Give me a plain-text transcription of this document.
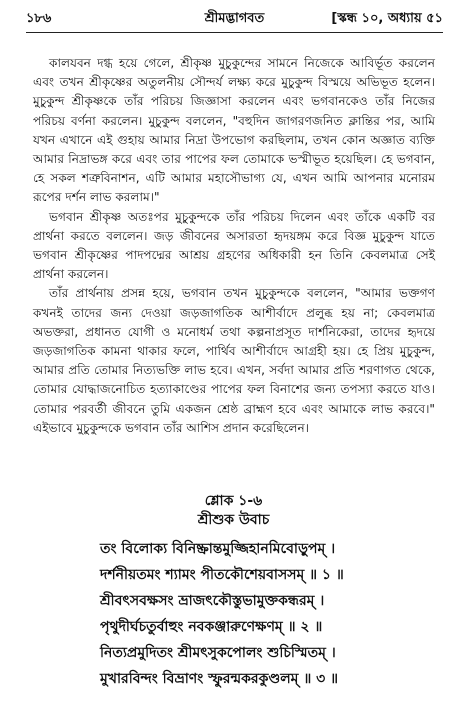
১৮৬	শ্রীমদ্ভাগবত	[স্কন্ধ ১০, অধ্যায় ৫১

কালযবন দগ্ধ হয়ে গেলে, শ্রীকৃষ্ণ মুচুকুন্দের সামনে নিজেকে আবির্ভূত করলেন এবং তখন শ্রীকৃষ্ণের অতুলনীয় সৌন্দর্য লক্ষ্য করে মুচুকুন্দ বিস্ময়ে অভিভূত হলেন। মুচুকুন্দ শ্রীকৃষ্ণকে তাঁর পরিচয় জিজ্ঞাসা করলেন এবং ভগবানকেও তাঁর নিজের পরিচয় বর্ণনা করলেন। মুচুকুন্দ বললেন, "বহুদিন জাগরণজনিত ক্লান্তির পর, আমি যখন এখানে এই গুহায় আমার নিদ্রা উপভোগ করছিলাম, তখন কোন অজ্ঞাত ব্যক্তি আমার নিদ্রাভঙ্গ করে এবং তার পাপের ফল তোমাকে ভস্মীভূত হয়েছিল। হে ভগবান, হে সকল শত্রুবিনাশন, এটি আমার মহাসৌভাগ্য যে, এখন আমি আপনার মনোরম রূপের দর্শন লাভ করলাম।"

ভগবান শ্রীকৃষ্ণ অতঃপর মুচুকুন্দকে তাঁর পরিচয় দিলেন এবং তাঁকে একটি বর প্রার্থনা করতে বললেন। জড় জীবনের অসারতা হৃদয়ঙ্গম করে বিজ্ঞ মুচুকুন্দ যাতে ভগবান শ্রীকৃষ্ণের পাদপদ্মের আশ্রয় গ্রহণের অধিকারী হন তিনি কেবলমাত্র সেই প্রার্থনা করলেন।

তাঁর প্রার্থনায় প্রসন্ন হয়ে, ভগবান তখন মুচুকুন্দকে বললেন, "আমার ভক্তগণ কখনই তাদের জন্য দেওয়া জড়জাগতিক আশীর্বাদে প্রলুব্ধ হয় না; কেবলমাত্র অভক্তরা, প্রধানত যোগী ও মনোধর্ম তথা কল্পনাপ্রসূত দার্শনিকেরা, তাদের হৃদয়ে জড়জাগতিক কামনা থাকার ফলে, পার্থিব আশীর্বাদে আগ্রহী হয়। হে প্রিয় মুচুকুন্দ, আমার প্রতি তোমার নিত্যভক্তি লাভ হবে। এখন, সর্বদা আমার প্রতি শরণাগত থেকে, তোমার যোদ্ধাজনোচিত হত্যাকাণ্ডের পাপের ফল বিনাশের জন্য তপস্যা করতে যাও। তোমার পরবর্তী জীবনে তুমি একজন শ্রেষ্ঠ ব্রাহ্মণ হবে এবং আমাকে লাভ করবে।" এইভাবে মুচুকুন্দকে ভগবান তাঁর আশিস প্রদান করেছিলেন।

শ্লোক ১-৬
শ্রীশুক উবাচ
তং বিলোক্য বিনিষ্ক্রান্তমুজ্জিহানমিবোড়ুপম্ ।
দর্শনীয়তমং শ্যামং পীতকৌশেয়বাসসম্ ॥ ১ ॥
শ্রীবৎসবক্ষসং ভ্রাজৎকৌস্তুভামুক্তকন্ধরম্ ।
পৃথুদীর্ঘচতুর্বাহুং নবকঞ্জারুণেক্ষণম্ ॥ ২ ॥
নিত্যপ্রমুদিতং শ্রীমৎসুকপোলং শুচিস্মিতম্ ।
মুখারবিন্দং বিভ্রাণং স্ফুরন্মকরকুণ্ডলম্ ॥ ৩ ॥
